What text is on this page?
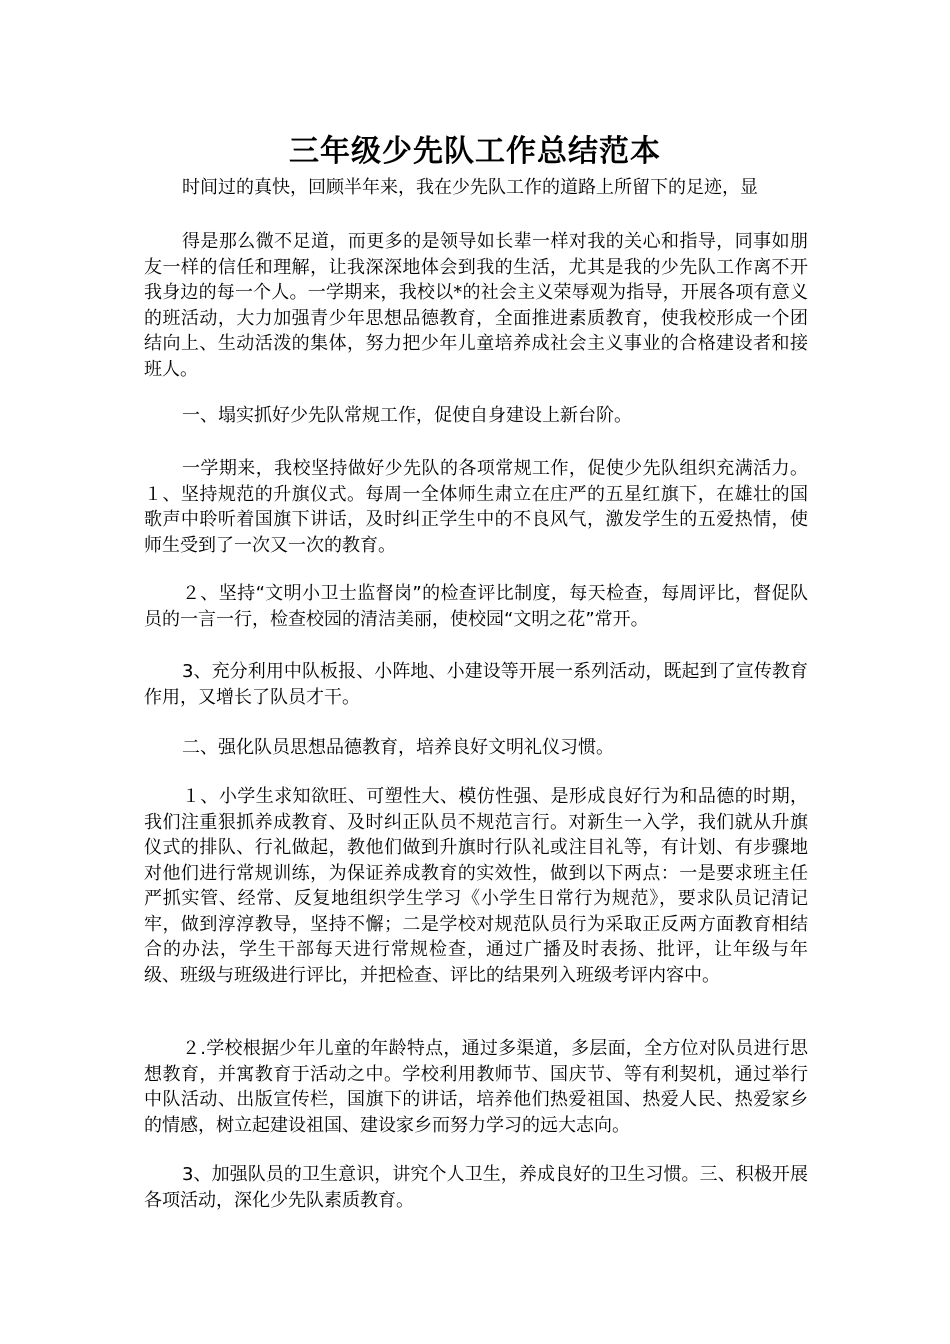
三年级少先队工作总结范本

时间过的真快，回顾半年来，我在少先队工作的道路上所留下的足迹，显

得是那么微不足道，而更多的是领导如长辈一样对我的关心和指导，同事如朋友一样的信任和理解，让我深深地体会到我的生活，尤其是我的少先队工作离不开我身边的每一个人。一学期来，我校以*的社会主义荣辱观为指导，开展各项有意义的班活动，大力加强青少年思想品德教育，全面推进素质教育，使我校形成一个团结向上、生动活泼的集体，努力把少年儿童培养成社会主义事业的合格建设者和接班人。

一、塌实抓好少先队常规工作，促使自身建设上新台阶。

一学期来，我校坚持做好少先队的各项常规工作，促使少先队组织充满活力。１、坚持规范的升旗仪式。每周一全体师生肃立在庄严的五星红旗下，在雄壮的国歌声中聆听着国旗下讲话，及时纠正学生中的不良风气，激发学生的五爱热情，使师生受到了一次又一次的教育。

２、坚持“文明小卫士监督岗”的检查评比制度，每天检查，每周评比，督促队员的一言一行，检查校园的清洁美丽，使校园“文明之花”常开。

3、充分利用中队板报、小阵地、小建设等开展一系列活动，既起到了宣传教育作用，又增长了队员才干。

二、强化队员思想品德教育，培养良好文明礼仪习惯。

１、小学生求知欲旺、可塑性大、模仿性强、是形成良好行为和品德的时期，我们注重狠抓养成教育、及时纠正队员不规范言行。对新生一入学，我们就从升旗仪式的排队、行礼做起，教他们做到升旗时行队礼或注目礼等，有计划、有步骤地对他们进行常规训练，为保证养成教育的实效性，做到以下两点：一是要求班主任严抓实管、经常、反复地组织学生学习《小学生日常行为规范》，要求队员记清记牢，做到淳淳教导，坚持不懈；二是学校对规范队员行为采取正反两方面教育相结合的办法，学生干部每天进行常规检查，通过广播及时表扬、批评，让年级与年级、班级与班级进行评比，并把检查、评比的结果列入班级考评内容中。

２.学校根据少年儿童的年龄特点，通过多渠道，多层面，全方位对队员进行思想教育，并寓教育于活动之中。学校利用教师节、国庆节、等有利契机，通过举行中队活动、出版宣传栏，国旗下的讲话，培养他们热爱祖国、热爱人民、热爱家乡的情感，树立起建设祖国、建设家乡而努力学习的远大志向。

3、加强队员的卫生意识，讲究个人卫生，养成良好的卫生习惯。三、积极开展各项活动，深化少先队素质教育。
